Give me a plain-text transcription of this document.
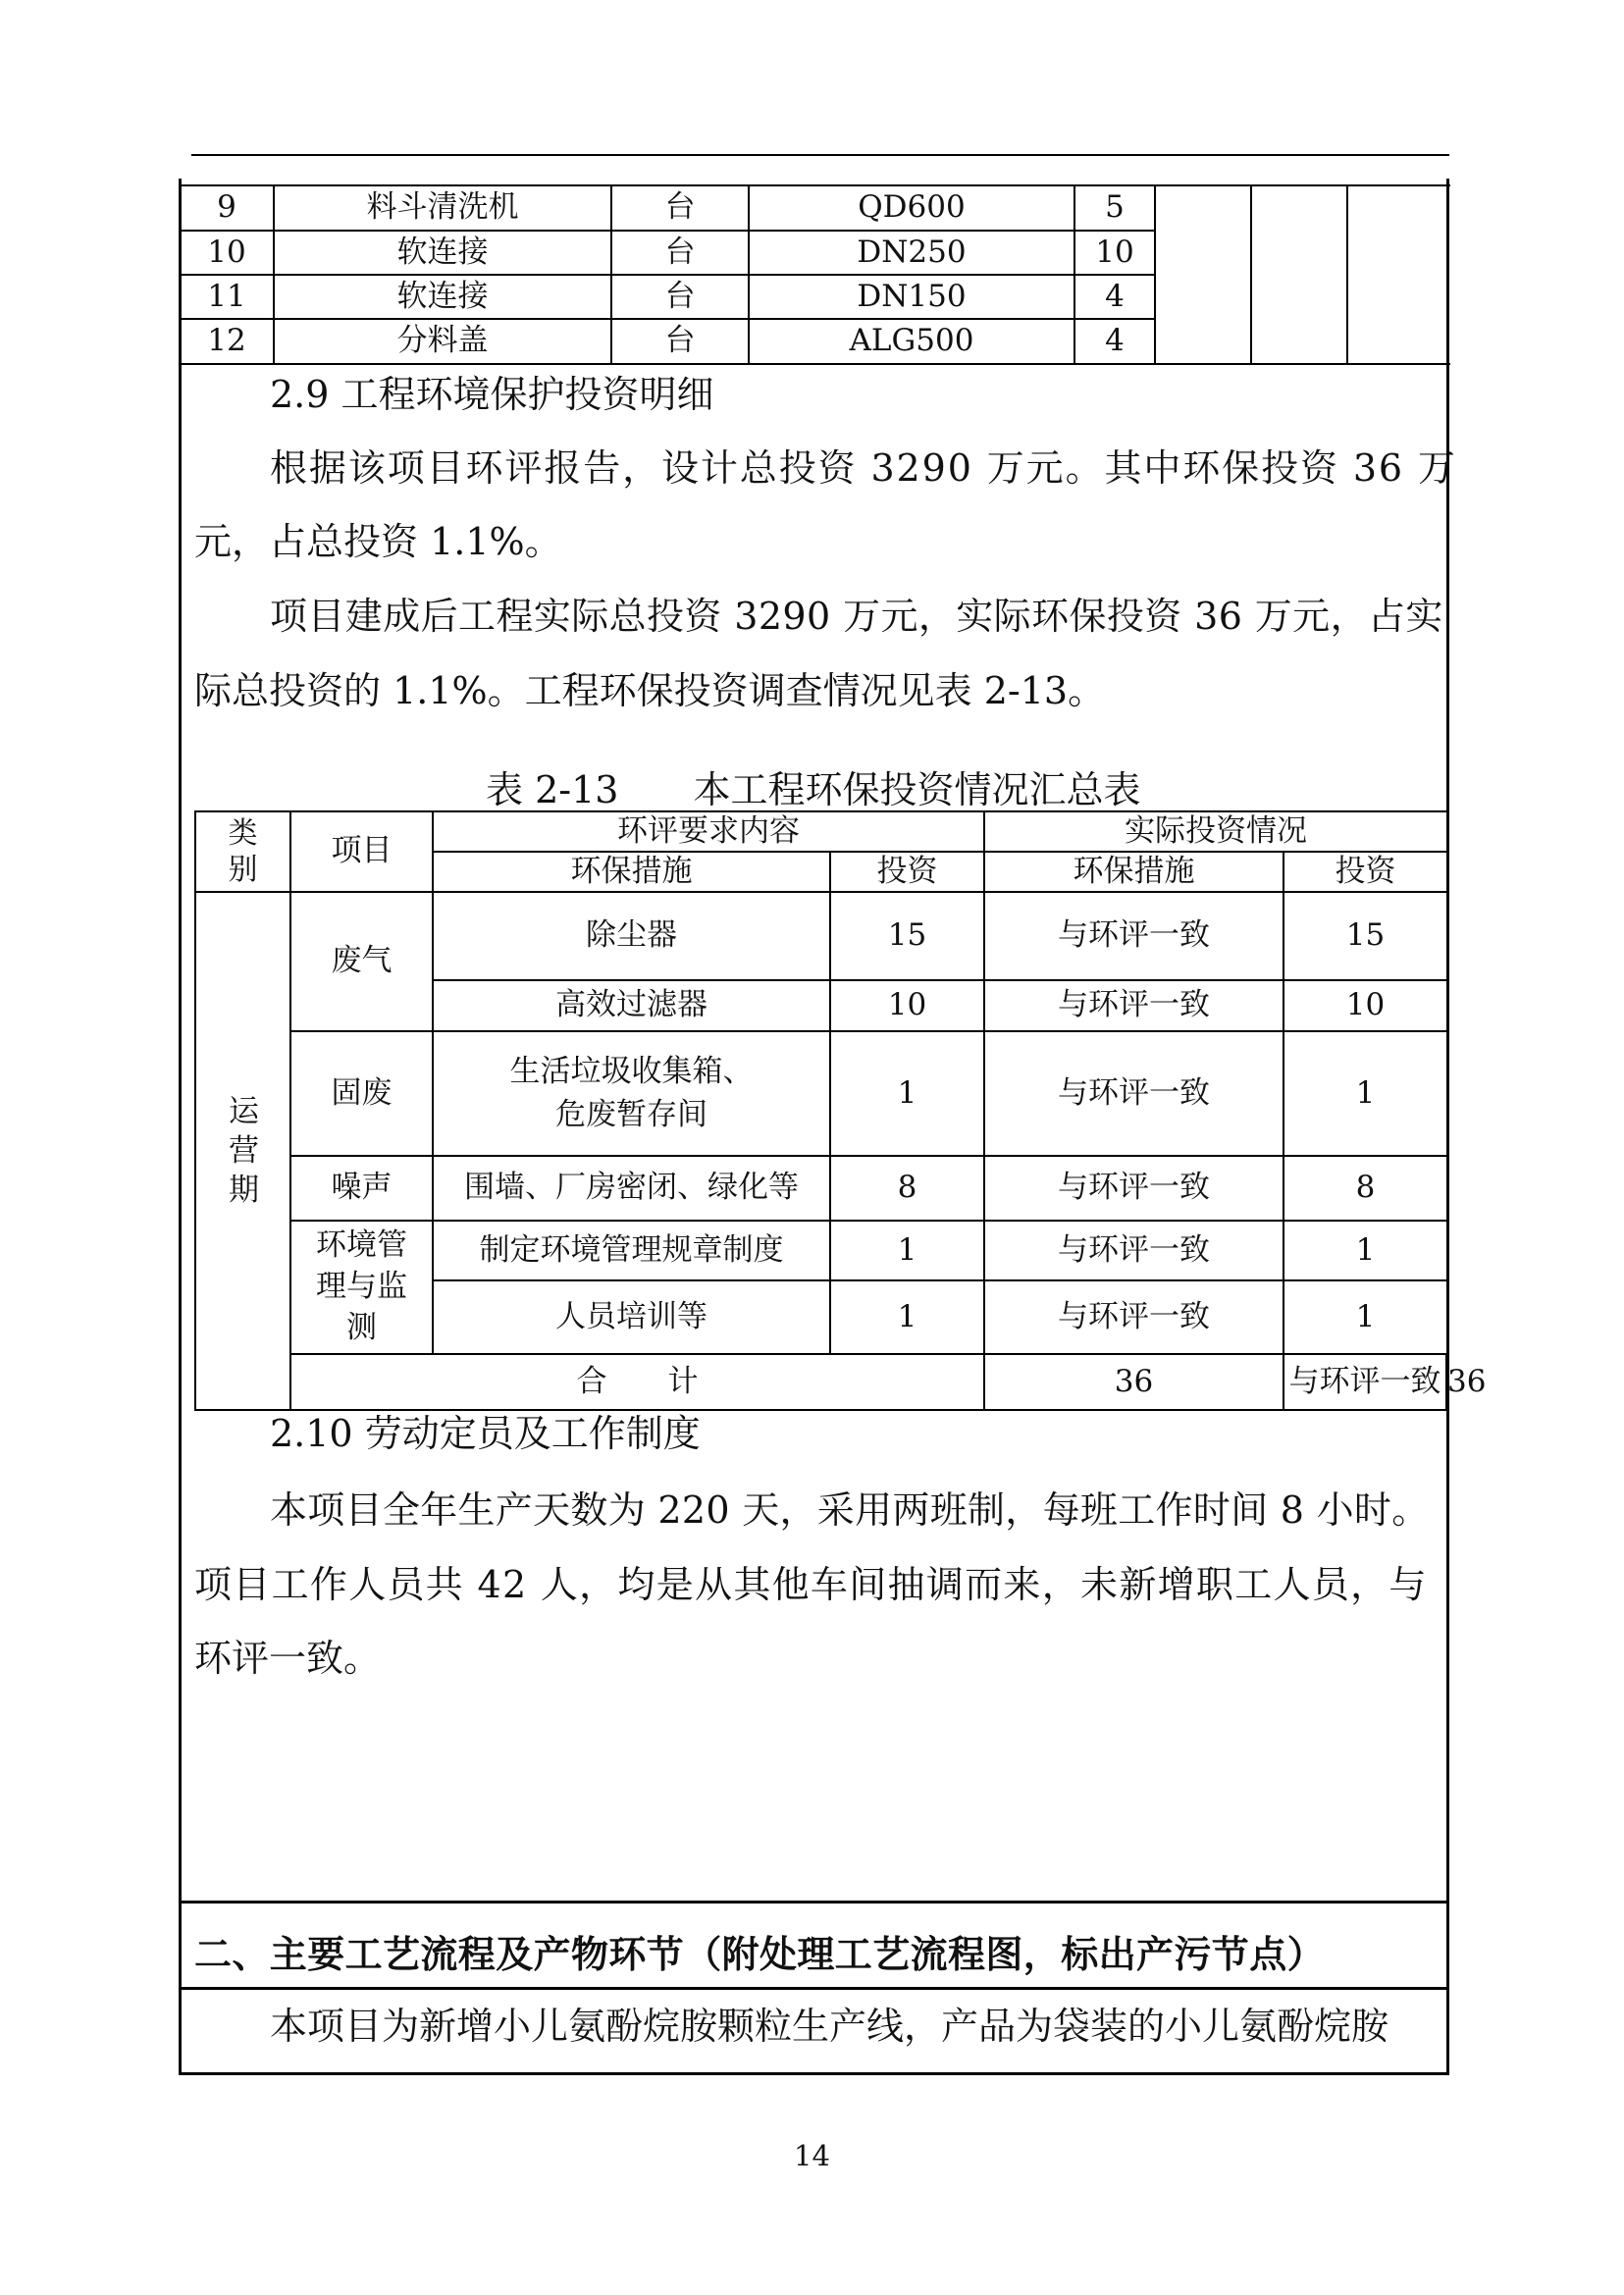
9	料斗清洗机	台	QD600	5			
10	软连接	台	DN250	10			
11	软连接	台	DN150	4			
12	分料盖	台	ALG500	4			
2.9 工程环境保护投资明细
根据该项目环评报告，设计总投资 3290 万元。其中环保投资 36 万
元，占总投资 1.1%。
项目建成后工程实际总投资 3290 万元，实际环保投资 36 万元，占实
际总投资的 1.1%。工程环保投资调查情况见表 2-13。
表 2-13　　本工程环保投资情况汇总表
类别	项目	环评要求内容		实际投资情况		
		环保措施	投资	环保措施	投资	
运营期	废气	除尘器	15	与环评一致	15	
		高效过滤器	10	与环评一致	10	
	固废	生活垃圾收集箱、
危废暂存间	1	与环评一致	1	
	噪声	围墙、厂房密闭、绿化等	8	与环评一致	8	
	环境管理与监测	制定环境管理规章制度	1	与环评一致	1	
		人员培训等	1	与环评一致	1	
	合　　计			36	与环评一致	36
2.10 劳动定员及工作制度
本项目全年生产天数为 220 天，采用两班制，每班工作时间 8 小时。
项目工作人员共 42 人，均是从其他车间抽调而来，未新增职工人员，与
环评一致。
二、主要工艺流程及产物环节（附处理工艺流程图，标出产污节点）
本项目为新增小儿氨酚烷胺颗粒生产线，产品为袋装的小儿氨酚烷胺
14
